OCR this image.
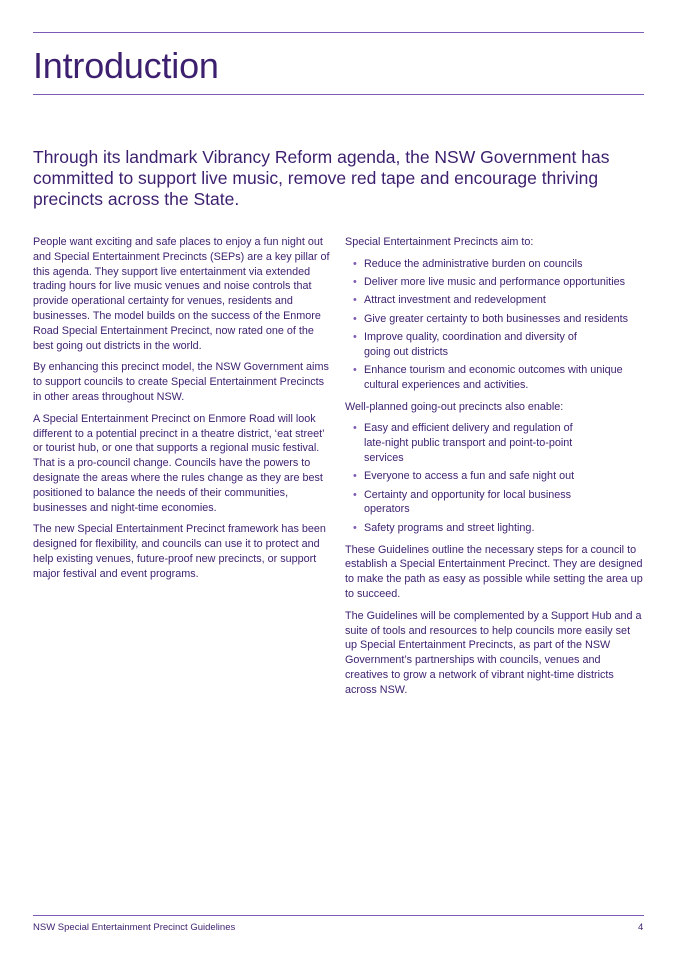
Introduction

Through its landmark Vibrancy Reform agenda, the NSW Government has committed to support live music, remove red tape and encourage thriving precincts across the State.

People want exciting and safe places to enjoy a fun night out and Special Entertainment Precincts (SEPs) are a key pillar of this agenda. They support live entertainment via extended trading hours for live music venues and noise controls that provide operational certainty for venues, residents and businesses. The model builds on the success of the Enmore Road Special Entertainment Precinct, now rated one of the best going out districts in the world.

By enhancing this precinct model, the NSW Government aims to support councils to create Special Entertainment Precincts in other areas throughout NSW.

A Special Entertainment Precinct on Enmore Road will look different to a potential precinct in a theatre district, ‘eat street’ or tourist hub, or one that supports a regional music festival. That is a pro-council change. Councils have the powers to designate the areas where the rules change as they are best positioned to balance the needs of their communities, businesses and night-time economies.

The new Special Entertainment Precinct framework has been designed for flexibility, and councils can use it to protect and help existing venues, future-proof new precincts, or support major festival and event programs.

Special Entertainment Precincts aim to:

• Reduce the administrative burden on councils
• Deliver more live music and performance opportunities
• Attract investment and redevelopment
• Give greater certainty to both businesses and residents
• Improve quality, coordination and diversity of going out districts
• Enhance tourism and economic outcomes with unique cultural experiences and activities.

Well-planned going-out precincts also enable:

• Easy and efficient delivery and regulation of late-night public transport and point-to-point services
• Everyone to access a fun and safe night out
• Certainty and opportunity for local business operators
• Safety programs and street lighting.

These Guidelines outline the necessary steps for a council to establish a Special Entertainment Precinct. They are designed to make the path as easy as possible while setting the area up to succeed.

The Guidelines will be complemented by a Support Hub and a suite of tools and resources to help councils more easily set up Special Entertainment Precincts, as part of the NSW Government’s partnerships with councils, venues and creatives to grow a network of vibrant night-time districts across NSW.

NSW Special Entertainment Precinct Guidelines	4
